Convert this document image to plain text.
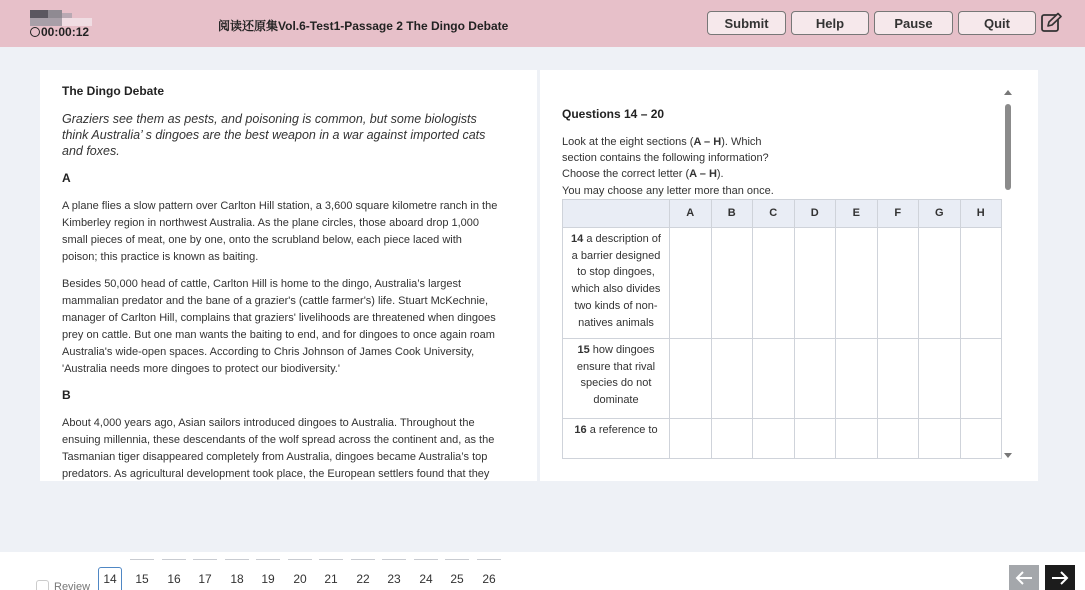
00:00:12	阅读还原集Vol.6-Test1-Passage 2 The Dingo Debate	Submit	Help	Pause	Quit
The Dingo Debate
Graziers see them as pests, and poisoning is common, but some biologists think Australia’ s dingoes are the best weapon in a war against imported cats and foxes.
A
A plane flies a slow pattern over Carlton Hill station, a 3,600 square kilometre ranch in the Kimberley region in northwest Australia. As the plane circles, those aboard drop 1,000 small pieces of meat, one by one, onto the scrubland below, each piece laced with poison; this practice is known as baiting.
Besides 50,000 head of cattle, Carlton Hill is home to the dingo, Australia’s largest mammalian predator and the bane of a grazier's (cattle farmer's) life. Stuart McKechnie, manager of Carlton Hill, complains that graziers' livelihoods are threatened when dingoes prey on cattle. But one man wants the baiting to end, and for dingoes to once again roam Australia's wide-open spaces. According to Chris Johnson of James Cook University, 'Australia needs more dingoes to protect our biodiversity.'
B
About 4,000 years ago, Asian sailors introduced dingoes to Australia. Throughout the ensuing millennia, these descendants of the wolf spread across the continent and, as the Tasmanian tiger disappeared completely from Australia, dingoes became Australia’s top predators. As agricultural development took place, the European settlers found that they
Questions 14 – 20
Look at the eight sections (A – H). Which section contains the following information?
Choose the correct letter (A – H).
You may choose any letter more than once.
	A	B	C	D	E	F	G	H
14 a description of a barrier designed to stop dingoes, which also divides two kinds of non-natives animals								
15 how dingoes ensure that rival species do not dominate								
16 a reference to								
Review
14	15	16	17	18	19	20	21	22	23	24	25	26
